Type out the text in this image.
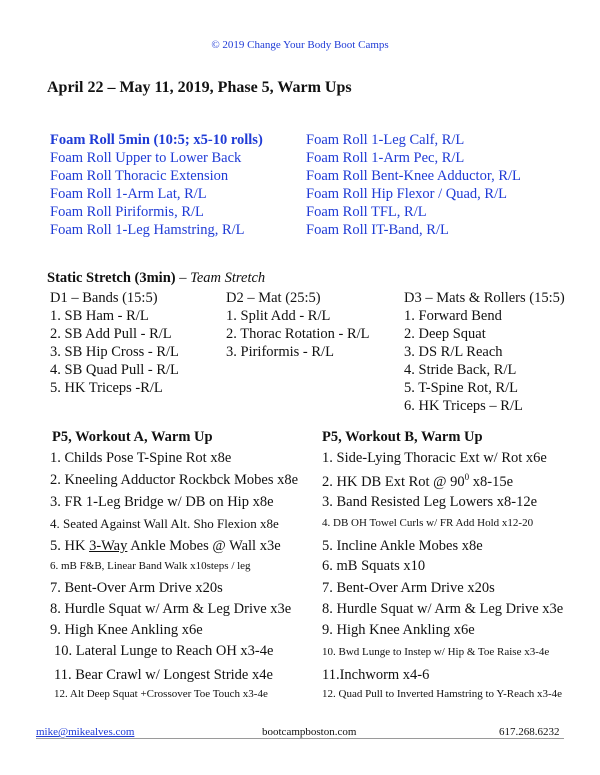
© 2019 Change Your Body Boot Camps
April 22 – May 11, 2019, Phase 5, Warm Ups
Foam Roll 5min (10:5; x5-10 rolls)
Foam Roll Upper to Lower Back
Foam Roll Thoracic Extension
Foam Roll 1-Arm Lat, R/L
Foam Roll Piriformis, R/L
Foam Roll 1-Leg Hamstring, R/L
Foam Roll 1-Leg Calf, R/L
Foam Roll 1-Arm Pec, R/L
Foam Roll Bent-Knee Adductor, R/L
Foam Roll Hip Flexor / Quad, R/L
Foam Roll TFL, R/L
Foam Roll IT-Band, R/L
Static Stretch (3min) – Team Stretch
D1 – Bands (15:5)
1. SB Ham - R/L
2. SB Add Pull - R/L
3. SB Hip Cross - R/L
4. SB Quad Pull - R/L
5. HK Triceps -R/L
D2 – Mat (25:5)
1. Split Add - R/L
2. Thorac Rotation - R/L
3. Piriformis - R/L
D3 – Mats & Rollers (15:5)
1. Forward Bend
2. Deep Squat
3. DS R/L Reach
4. Stride Back, R/L
5. T-Spine Rot, R/L
6. HK Triceps – R/L
P5, Workout A, Warm Up
1. Childs Pose T-Spine Rot x8e
2. Kneeling Adductor Rockbck Mobes x8e
3. FR 1-Leg Bridge w/ DB on Hip x8e
4. Seated Against Wall Alt. Sho Flexion x8e
5. HK 3-Way Ankle Mobes @ Wall x3e
6. mB F&B, Linear Band Walk x10steps / leg
7. Bent-Over Arm Drive x20s
8. Hurdle Squat w/ Arm & Leg Drive x3e
9. High Knee Ankling x6e
10. Lateral Lunge to Reach OH x3-4e
11. Bear Crawl w/ Longest Stride x4e
12. Alt Deep Squat +Crossover Toe Touch x3-4e
P5, Workout B, Warm Up
1. Side-Lying Thoracic Ext w/ Rot x6e
2. HK DB Ext Rot @ $90^0$ x8-15e
3. Band Resisted Leg Lowers x8-12e
4. DB OH Towel Curls w/ FR Add Hold x12-20
5. Incline Ankle Mobes x8e
6. mB Squats x10
7. Bent-Over Arm Drive x20s
8. Hurdle Squat w/ Arm & Leg Drive x3e
9. High Knee Ankling x6e
10. Bwd Lunge to Instep w/ Hip & Toe Raise x3-4e
11.Inchworm x4-6
12. Quad Pull to Inverted Hamstring to Y-Reach x3-4e
mike@mikealves.com	bootcampboston.com	617.268.6232
